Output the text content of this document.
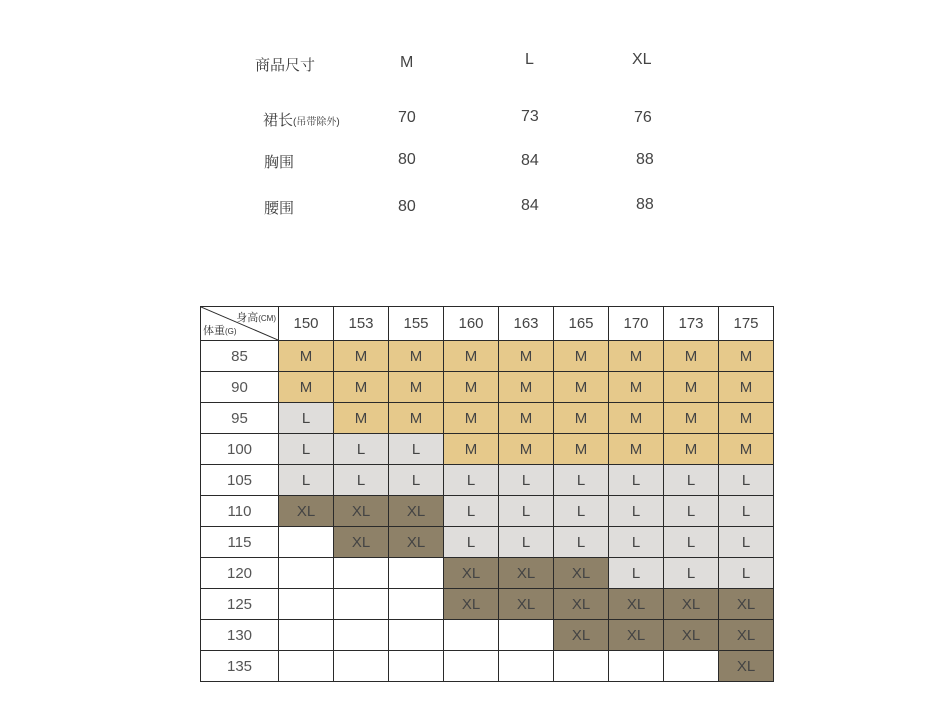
商品尺寸	M	L	XL
裙长(吊带除外)	70	73	76
胸围	80	84	88
腰围	80	84	88
身高(CM)
体重(G)	150	153	155	160	163	165	170	173	175
85	M	M	M	M	M	M	M	M	M
90	M	M	M	M	M	M	M	M	M
95	L	M	M	M	M	M	M	M	M
100	L	L	L	M	M	M	M	M	M
105	L	L	L	L	L	L	L	L	L
110	XL	XL	XL	L	L	L	L	L	L
115		XL	XL	L	L	L	L	L	L
120				XL	XL	XL	L	L	L
125				XL	XL	XL	XL	XL	XL
130						XL	XL	XL	XL
135									XL
